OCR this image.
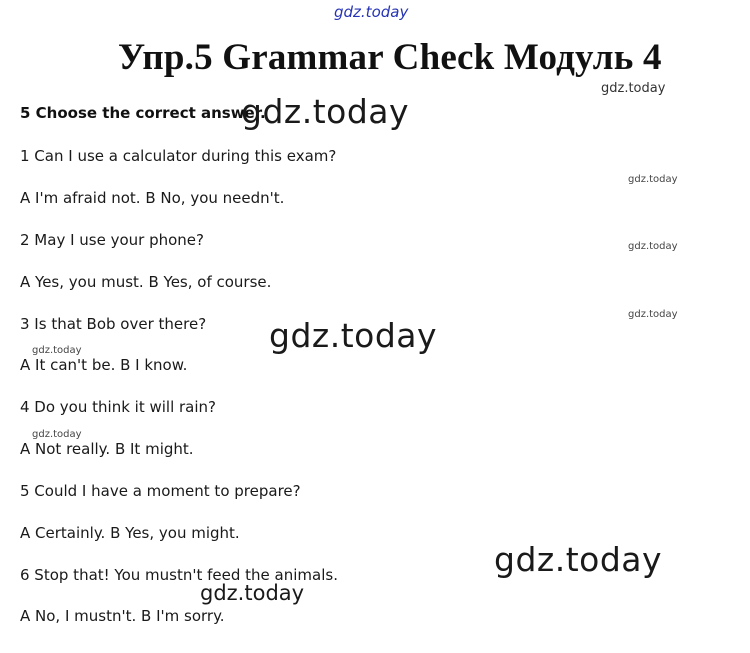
gdz.today
Упр.5 Grammar Check Модуль 4
gdz.today
5 Choose the correct answer.
gdz.today
gdz.today
gdz.today
gdz.today
gdz.today
gdz.today
gdz.today
gdz.today
gdz.today
1 Can I use a calculator during this exam?
A I'm afraid not. B No, you needn't.
2 May I use your phone?
A Yes, you must. B Yes, of course.
3 Is that Bob over there?
A It can't be. B I know.
4 Do you think it will rain?
A Not really. B It might.
5 Could I have a moment to prepare?
A Certainly. B Yes, you might.
6 Stop that! You mustn't feed the animals.
A No, I mustn't. B I'm sorry.
